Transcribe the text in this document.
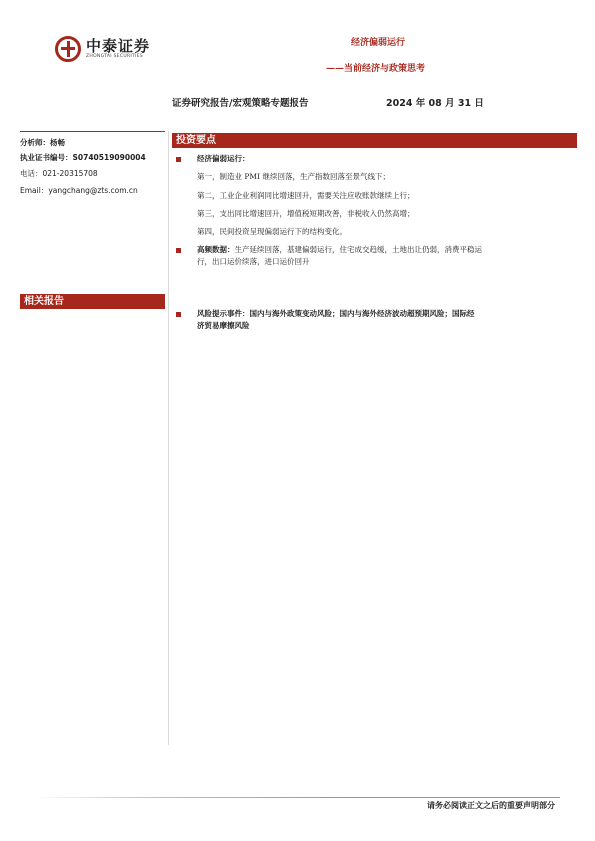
中泰证券
ZHONGTAI SECURITIES
经济偏弱运行
——当前经济与政策思考
证券研究报告/宏观策略专题报告	2024 年 08 月 31 日
分析师：杨畅
执业证书编号：S0740519090004
电话：021-20315708
Email：yangchang@zts.com.cn
相关报告
投资要点
经济偏弱运行：
第一，制造业 PMI 继续回落，生产指数回落至景气线下；
第二，工业企业利润同比增速回升，需要关注应收账款继续上行；
第三，支出同比增速回升，增值税短期改善，非税收入仍然高增；
第四，民间投资呈现偏弱运行下的结构变化。
高频数据：生产延续回落，基建偏弱运行，住宅成交趋缓，土地出让仍弱，消费平稳运
行，出口运价续落，进口运价回升
风险提示事件：国内与海外政策变动风险；国内与海外经济波动超预期风险；国际经
济贸易摩擦风险
请务必阅读正文之后的重要声明部分
